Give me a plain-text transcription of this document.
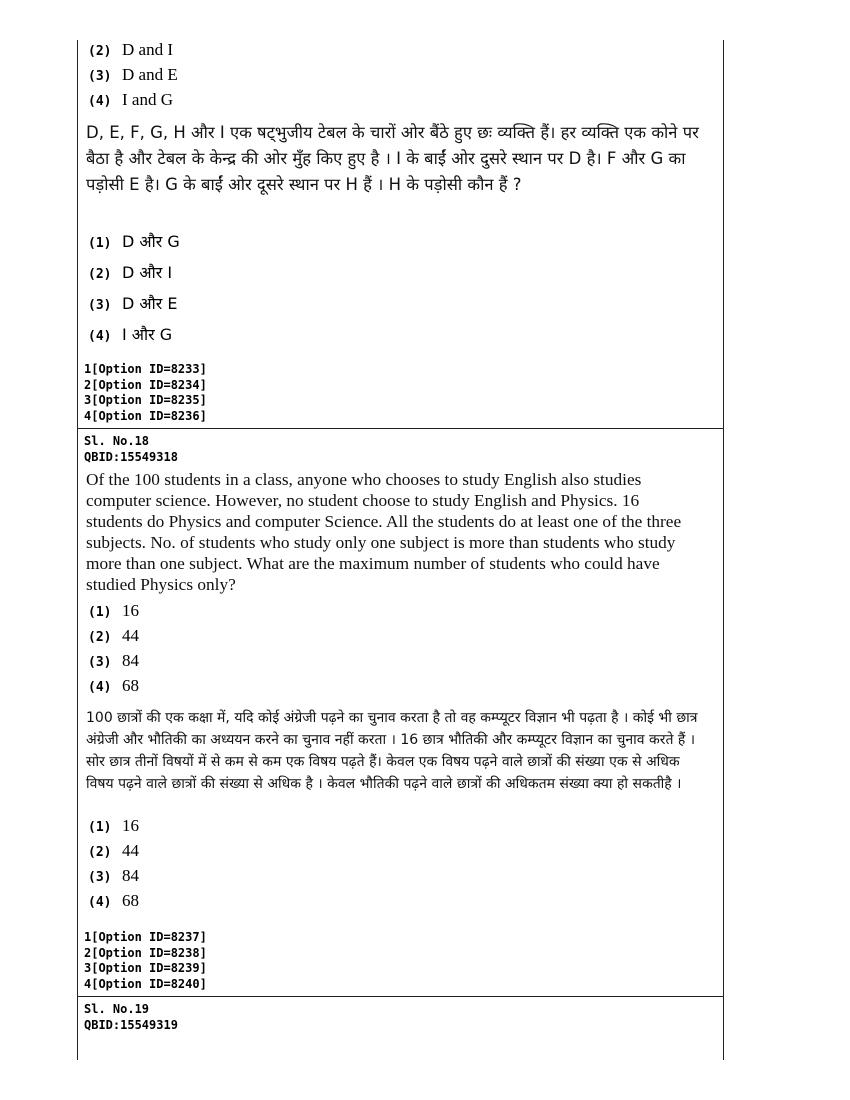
(2) D and I
(3) D and E
(4) I and G
D, E, F, G, H और I एक षट्भुजीय टेबल के चारों ओर बैंठे हुए छः व्यक्ति हैं। हर व्यक्ति एक कोने पर बैठा है और टेबल के केन्द्र की ओर मुँह किए हुए है । I के बाईं ओर दुसरे स्थान पर D है। F और G का पड़ोसी E है। G के बाईं ओर दूसरे स्थान पर H हैं । H के पड़ोसी कौन हैं ?
(1) D और G
(2) D और I
(3) D और E
(4) I और G
1[Option ID=8233]
2[Option ID=8234]
3[Option ID=8235]
4[Option ID=8236]
Sl. No.18
QBID:15549318
Of the 100 students in a class, anyone who chooses to study English also studies computer science. However, no student choose to study English and Physics. 16 students do Physics and computer Science. All the students do at least one of the three subjects. No. of students who study only one subject is more than students who study more than one subject. What are the maximum number of students who could have studied Physics only?
(1) 16
(2) 44
(3) 84
(4) 68
100 छात्रों की एक कक्षा में, यदि कोई अंग्रेजी पढ़ने का चुनाव करता है तो वह कम्प्यूटर विज्ञान भी पढ़ता है । कोई भी छात्र अंग्रेजी और भौतिकी का अध्ययन करने का चुनाव नहीं करता । 16 छात्र भौतिकी और कम्प्यूटर विज्ञान का चुनाव करते हैं । सोर छात्र तीनों विषयों में से कम से कम एक विषय पढ़ते हैं। केवल एक विषय पढ़ने वाले छात्रों की संख्या एक से अधिक विषय पढ़ने वाले छात्रों की संख्या से अधिक है । केवल भौतिकी पढ़ने वाले छात्रों की अधिकतम संख्या क्या हो सकतीहै ।
(1) 16
(2) 44
(3) 84
(4) 68
1[Option ID=8237]
2[Option ID=8238]
3[Option ID=8239]
4[Option ID=8240]
Sl. No.19
QBID:15549319
